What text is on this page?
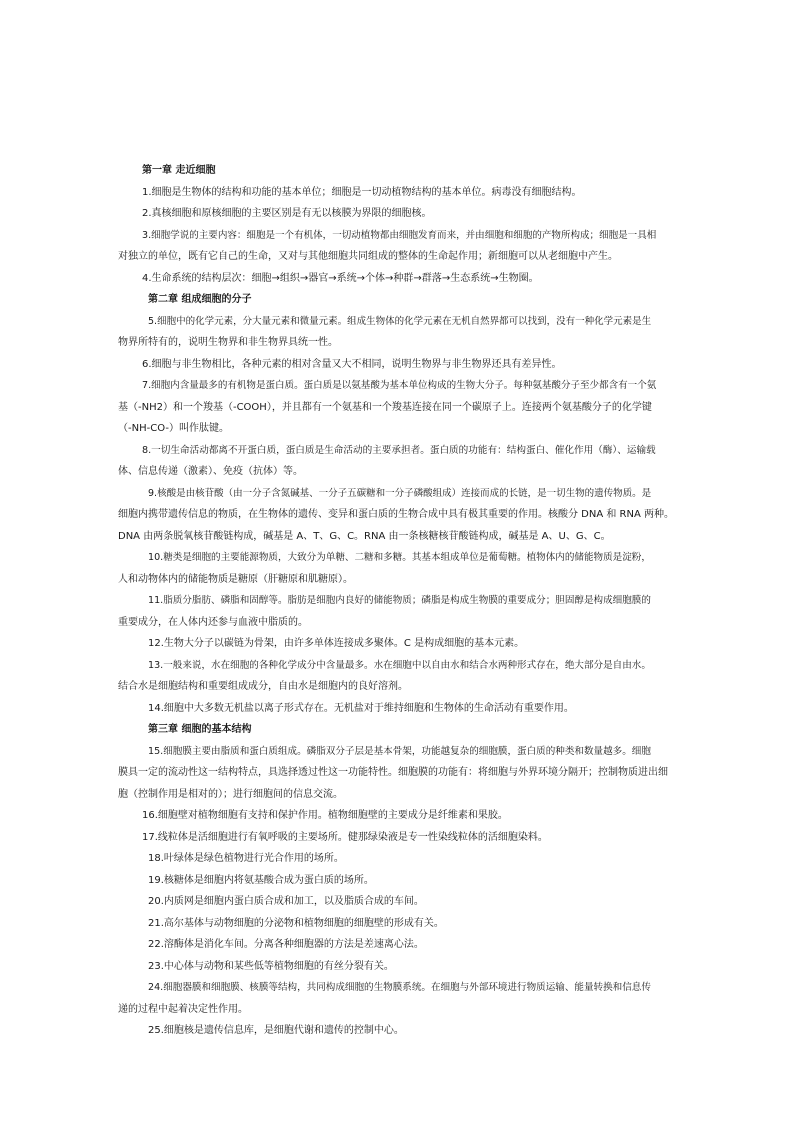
第一章 走近细胞

1.细胞是生物体的结构和功能的基本单位；细胞是一切动植物结构的基本单位。病毒没有细胞结构。

2.真核细胞和原核细胞的主要区别是有无以核膜为界限的细胞核。

3.细胞学说的主要内容：细胞是一个有机体，一切动植物都由细胞发育而来，并由细胞和细胞的产物所构成；细胞是一具相
对独立的单位，既有它自己的生命，又对与其他细胞共同组成的整体的生命起作用；新细胞可以从老细胞中产生。

4.生命系统的结构层次：细胞→组织→器官→系统→个体→种群→群落→生态系统→生物圈。

第二章 组成细胞的分子

5.细胞中的化学元素，分大量元素和微量元素。组成生物体的化学元素在无机自然界都可以找到，没有一种化学元素是生
物界所特有的，说明生物界和非生物界具统一性。

6.细胞与非生物相比，各种元素的相对含量又大不相同，说明生物界与非生物界还具有差异性。

7.细胞内含量最多的有机物是蛋白质。蛋白质是以氨基酸为基本单位构成的生物大分子。每种氨基酸分子至少都含有一个氨
基（-NH2）和一个羧基（-COOH），并且都有一个氨基和一个羧基连接在同一个碳原子上。连接两个氨基酸分子的化学键
（-NH-CO-）叫作肽键。

8.一切生命活动都离不开蛋白质，蛋白质是生命活动的主要承担者。蛋白质的功能有：结构蛋白、催化作用（酶）、运输载
体、信息传递（激素）、免疫（抗体）等。

9.核酸是由核苷酸（由一分子含氮碱基、一分子五碳糖和一分子磷酸组成）连接而成的长链，是一切生物的遗传物质。是
细胞内携带遗传信息的物质，在生物体的遗传、变异和蛋白质的生物合成中具有极其重要的作用。核酸分 DNA 和 RNA 两种。
DNA 由两条脱氧核苷酸链构成，碱基是 A、T、G、C。RNA 由一条核糖核苷酸链构成，碱基是 A、U、G、C。

10.糖类是细胞的主要能源物质，大致分为单糖、二糖和多糖。其基本组成单位是葡萄糖。植物体内的储能物质是淀粉，
人和动物体内的储能物质是糖原（肝糖原和肌糖原）。

11.脂质分脂肪、磷脂和固醇等。脂肪是细胞内良好的储能物质；磷脂是构成生物膜的重要成分；胆固醇是构成细胞膜的
重要成分，在人体内还参与血液中脂质的。

12.生物大分子以碳链为骨架，由许多单体连接成多聚体。C 是构成细胞的基本元素。

13.一般来说，水在细胞的各种化学成分中含量最多。水在细胞中以自由水和结合水两种形式存在，绝大部分是自由水。
结合水是细胞结构和重要组成成分，自由水是细胞内的良好溶剂。

14.细胞中大多数无机盐以离子形式存在。无机盐对于维持细胞和生物体的生命活动有重要作用。

第三章 细胞的基本结构

15.细胞膜主要由脂质和蛋白质组成。磷脂双分子层是基本骨架，功能越复杂的细胞膜，蛋白质的种类和数量越多。细胞
膜具一定的流动性这一结构特点，具选择透过性这一功能特性。细胞膜的功能有：将细胞与外界环境分隔开；控制物质进出细
胞（控制作用是相对的）；进行细胞间的信息交流。

16.细胞壁对植物细胞有支持和保护作用。植物细胞壁的主要成分是纤维素和果胶。

17.线粒体是活细胞进行有氧呼吸的主要场所。健那绿染液是专一性染线粒体的活细胞染料。

18.叶绿体是绿色植物进行光合作用的场所。

19.核糖体是细胞内将氨基酸合成为蛋白质的场所。

20.内质网是细胞内蛋白质合成和加工，以及脂质合成的车间。

21.高尔基体与动物细胞的分泌物和植物细胞的细胞壁的形成有关。

22.溶酶体是消化车间。分离各种细胞器的方法是差速离心法。

23.中心体与动物和某些低等植物细胞的有丝分裂有关。

24.细胞器膜和细胞膜、核膜等结构，共同构成细胞的生物膜系统。在细胞与外部环境进行物质运输、能量转换和信息传
递的过程中起着决定性作用。

25.细胞核是遗传信息库，是细胞代谢和遗传的控制中心。
